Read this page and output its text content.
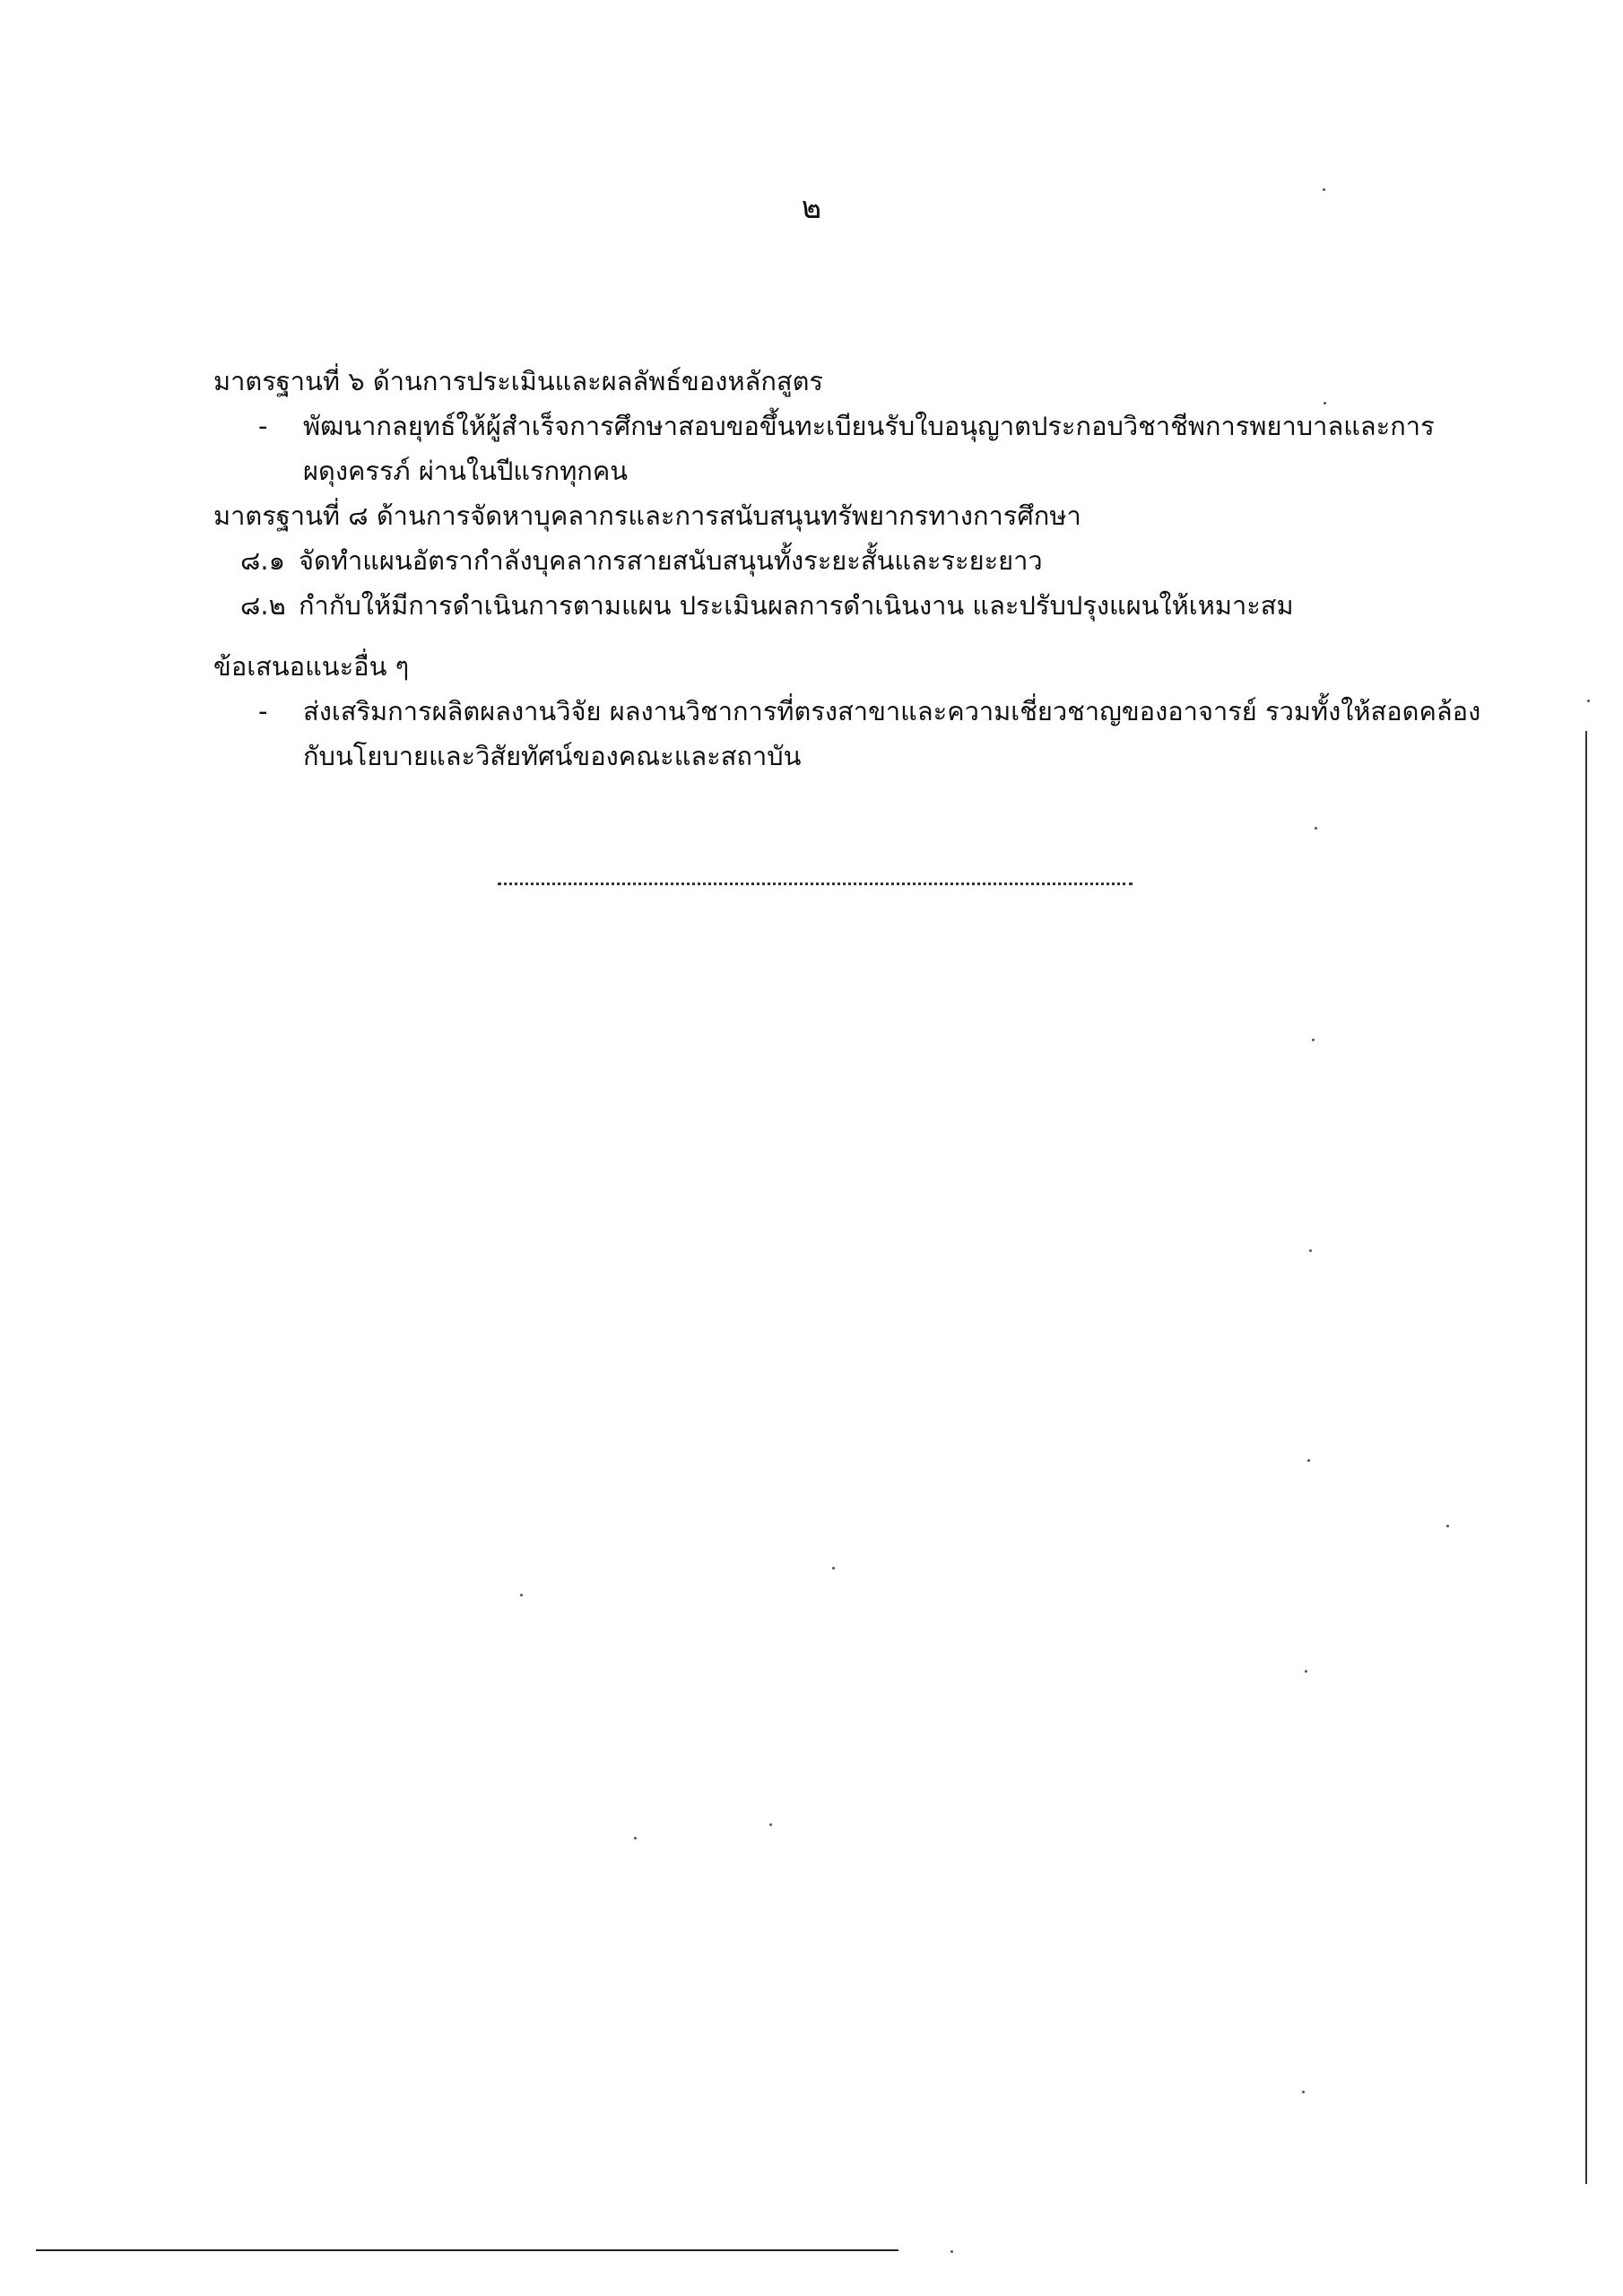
๒

มาตรฐานที่ ๖ ด้านการประเมินและผลลัพธ์ของหลักสูตร

- พัฒนากลยุทธ์ให้ผู้สำเร็จการศึกษาสอบขอขึ้นทะเบียนรับใบอนุญาตประกอบวิชาชีพการพยาบาลและการ
ผดุงครรภ์ ผ่านในปีแรกทุกคน

มาตรฐานที่ ๘ ด้านการจัดหาบุคลากรและการสนับสนุนทรัพยากรทางการศึกษา

๘.๑ จัดทำแผนอัตรากำลังบุคลากรสายสนับสนุนทั้งระยะสั้นและระยะยาว
๘.๒ กำกับให้มีการดำเนินการตามแผน ประเมินผลการดำเนินงาน และปรับปรุงแผนให้เหมาะสม

ข้อเสนอแนะอื่น ๆ

- ส่งเสริมการผลิตผลงานวิจัย ผลงานวิชาการที่ตรงสาขาและความเชี่ยวชาญของอาจารย์ รวมทั้งให้สอดคล้อง
กับนโยบายและวิสัยทัศน์ของคณะและสถาบัน
